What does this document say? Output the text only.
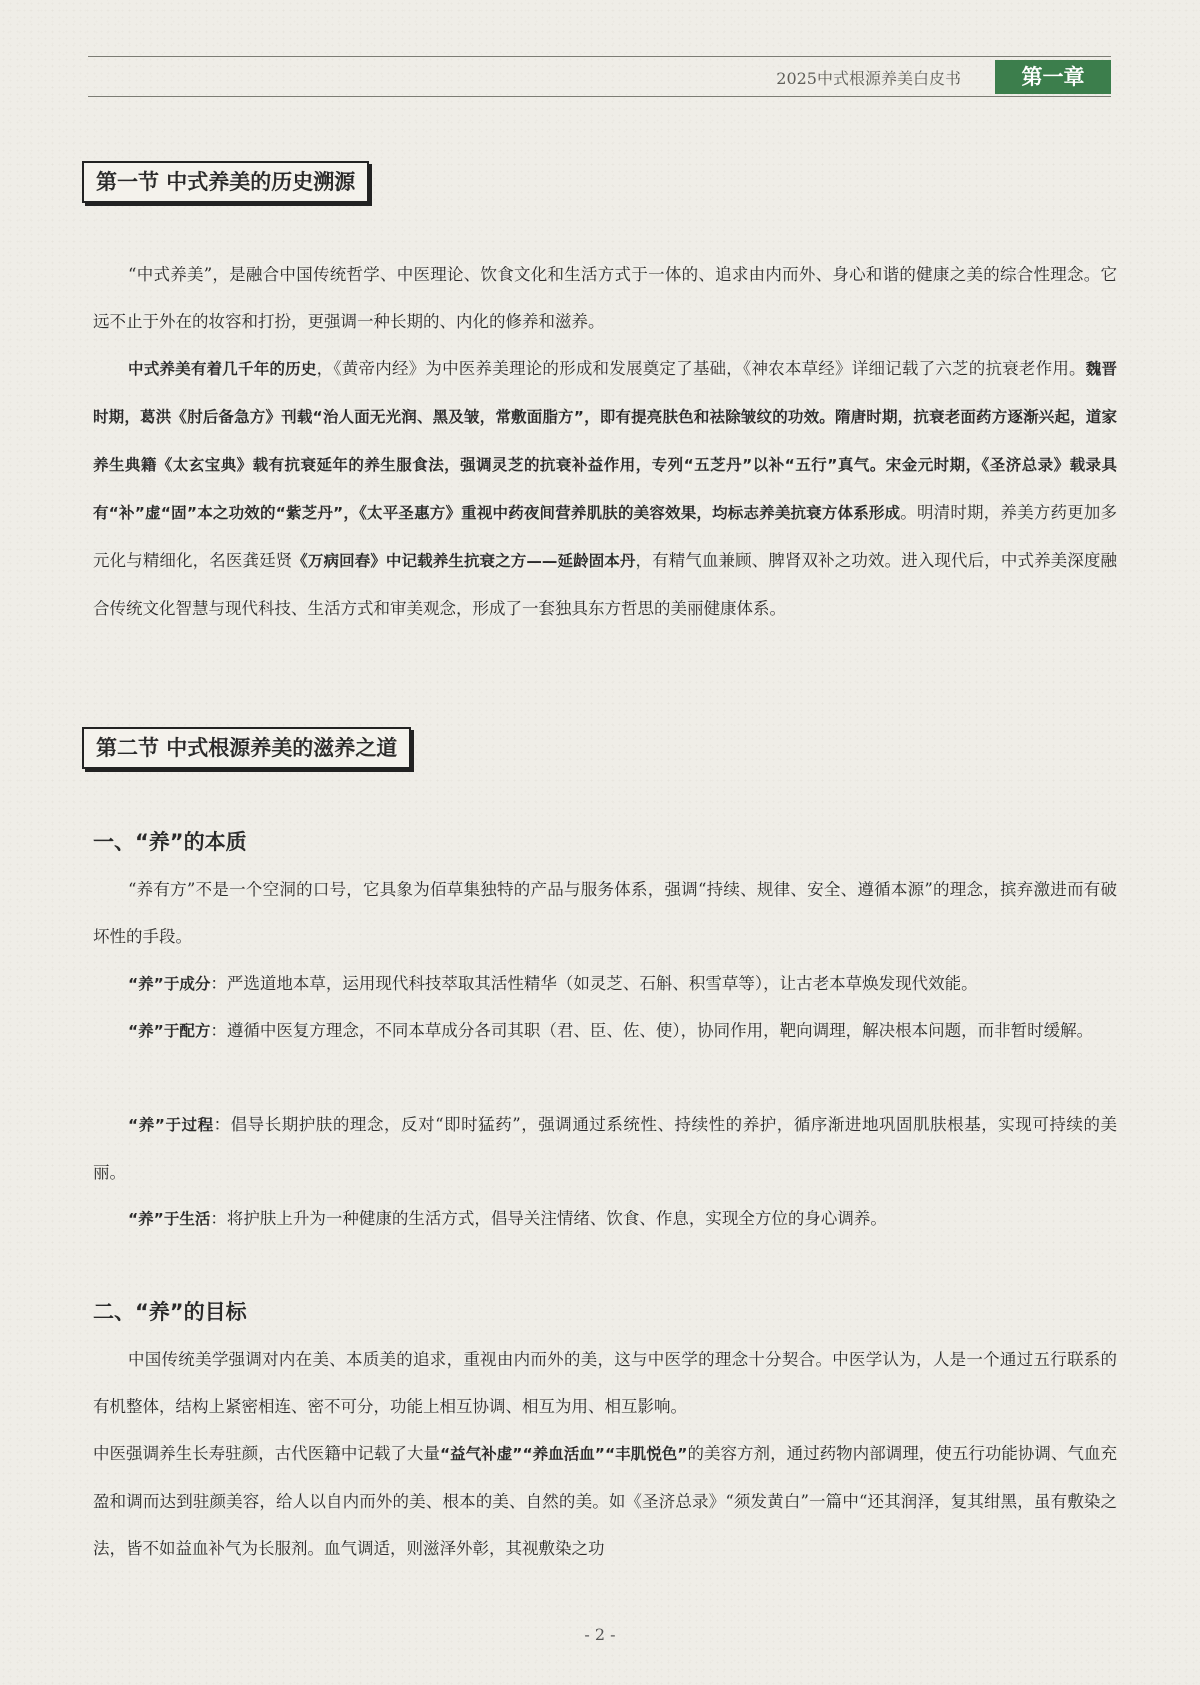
2025中式根源养美白皮书	第一章
第一节 中式养美的历史溯源

“中式养美”，是融合中国传统哲学、中医理论、饮食文化和生活方式于一体的、追求由内而外、身心和谐的健康之美的综合性理念。它远不止于外在的妆容和打扮，更强调一种长期的、内化的修养和滋养。

中式养美有着几千年的历史，《黄帝内经》为中医养美理论的形成和发展奠定了基础，《神农本草经》详细记载了六芝的抗衰老作用。魏晋时期，葛洪《肘后备急方》刊载“治人面无光润、黑及皱，常敷面脂方”，即有提亮肤色和祛除皱纹的功效。隋唐时期，抗衰老面药方逐渐兴起，道家养生典籍《太玄宝典》载有抗衰延年的养生服食法，强调灵芝的抗衰补益作用，专列“五芝丹”以补“五行”真气。宋金元时期，《圣济总录》载录具有“补”虚“固”本之功效的“紫芝丹”，《太平圣惠方》重视中药夜间营养肌肤的美容效果，均标志养美抗衰方体系形成。明清时期，养美方药更加多元化与精细化，名医龚廷贤《万病回春》中记载养生抗衰之方——延龄固本丹，有精气血兼顾、脾肾双补之功效。进入现代后，中式养美深度融合传统文化智慧与现代科技、生活方式和审美观念，形成了一套独具东方哲思的美丽健康体系。

第二节 中式根源养美的滋养之道
一、“养”的本质

“养有方”不是一个空洞的口号，它具象为佰草集独特的产品与服务体系，强调“持续、规律、安全、遵循本源”的理念，摈弃激进而有破坏性的手段。

“养”于成分：严选道地本草，运用现代科技萃取其活性精华（如灵芝、石斛、积雪草等），让古老本草焕发现代效能。

“养”于配方：遵循中医复方理念，不同本草成分各司其职（君、臣、佐、使），协同作用，靶向调理，解决根本问题，而非暂时缓解。

“养”于过程：倡导长期护肤的理念，反对“即时猛药”，强调通过系统性、持续性的养护，循序渐进地巩固肌肤根基，实现可持续的美丽。

“养”于生活：将护肤上升为一种健康的生活方式，倡导关注情绪、饮食、作息，实现全方位的身心调养。

二、“养”的目标

中国传统美学强调对内在美、本质美的追求，重视由内而外的美，这与中医学的理念十分契合。中医学认为，人是一个通过五行联系的有机整体，结构上紧密相连、密不可分，功能上相互协调、相互为用、相互影响。

中医强调养生长寿驻颜，古代医籍中记载了大量“益气补虚”“养血活血”“丰肌悦色”的美容方剂，通过药物内部调理，使五行功能协调、气血充盈和调而达到驻颜美容，给人以自内而外的美、根本的美、自然的美。如《圣济总录》“须发黄白”一篇中“还其润泽，复其绀黑，虽有敷染之法，皆不如益血补气为长服剂。血气调适，则滋泽外彰，其视敷染之功

- 2 -
